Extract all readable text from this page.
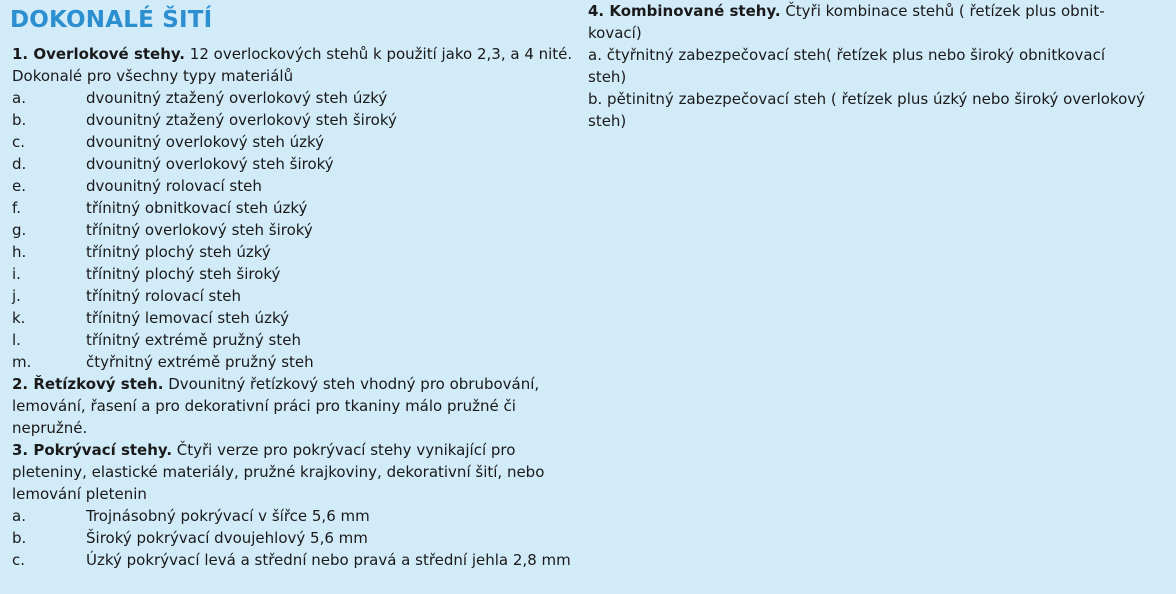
DOKONALÉ ŠITÍ

1. Overlokové stehy. 12 overlockových stehů k použití jako 2,3, a 4 nité.

Dokonalé pro všechny typy materiálů

a.	dvounitný ztažený overlokový steh úzký
b.	dvounitný ztažený overlokový steh široký
c.	dvounitný overlokový steh úzký
d.	dvounitný overlokový steh široký
e.	dvounitný rolovací steh
f.	třínitný obnitkovací steh úzký
g.	třínitný overlokový steh široký
h.	třínitný plochý steh úzký
i.	třínitný plochý steh široký
j.	třínitný rolovací steh
k.	třínitný lemovací steh úzký
l.	třínitný extrémě pružný steh
m.	čtyřnitný extrémě pružný steh

2. Řetízkový steh. Dvounitný řetízkový steh vhodný pro obrubování, lemování, řasení a pro dekorativní práci pro tkaniny málo pružné či nepružné.

3. Pokrývací stehy. Čtyři verze pro pokrývací stehy vynikající pro pleteniny, elastické materiály, pružné krajkoviny, dekorativní šití, nebo lemování pletenin

a.	Trojnásobný pokrývací v šířce 5,6 mm
b.	Široký pokrývací dvoujehlový 5,6 mm
c.	Úzký pokrývací levá a střední nebo pravá a střední jehla 2,8 mm

4. Kombinované stehy. Čtyři kombinace stehů ( řetízek plus obnit-kovací)

a. čtyřnitný zabezpečovací steh( řetízek plus nebo široký obnitkovací steh)

b. pětinitný zabezpečovací steh ( řetízek plus úzký nebo široký overlokový steh)
